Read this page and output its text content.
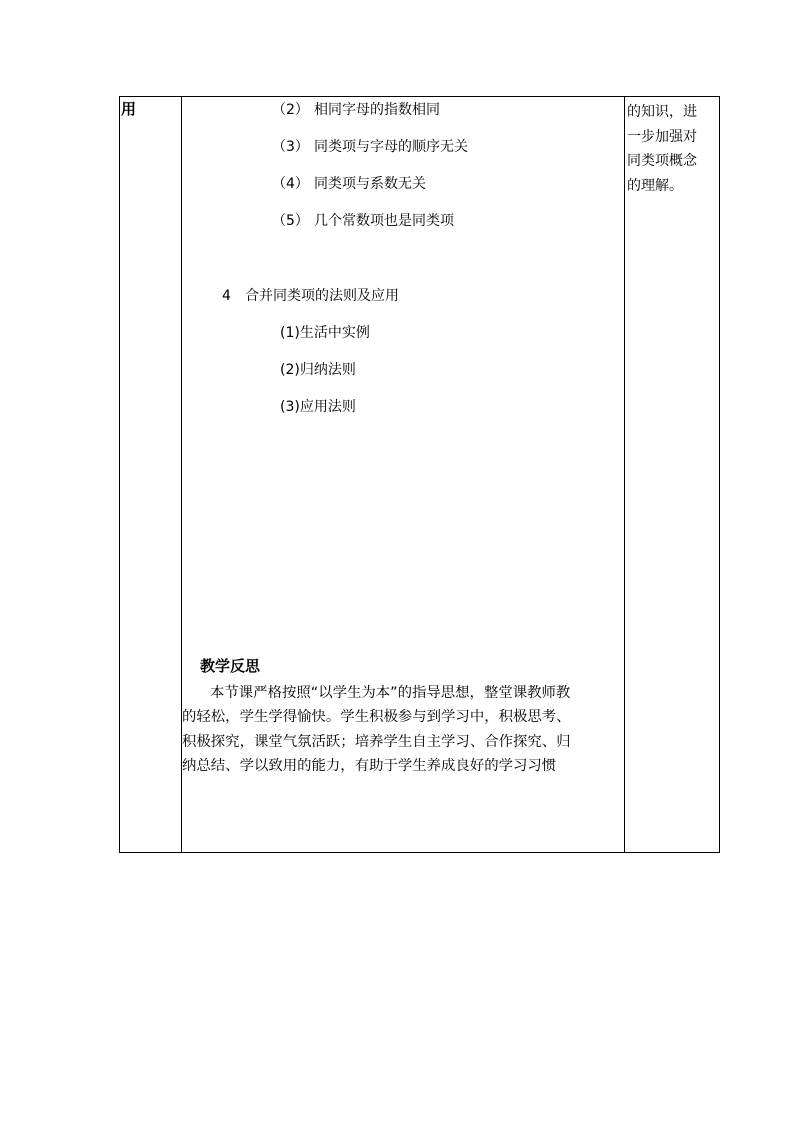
用	（2） 相同字母的指数相同
（3） 同类项与字母的顺序无关
（4） 同类项与系数无关
（5） 几个常数项也是同类项
4 合并同类项的法则及应用
(1)生活中实例
(2)归纳法则
(3)应用法则
教学反思
本节课严格按照“以学生为本”的指导思想，整堂课教师教
的轻松，学生学得愉快。学生积极参与到学习中，积极思考、
积极探究，课堂气氛活跃；培养学生自主学习、合作探究、归
纳总结、学以致用的能力，有助于学生养成良好的学习习惯
的知识，进
一步加强对
同类项概念
的理解。
